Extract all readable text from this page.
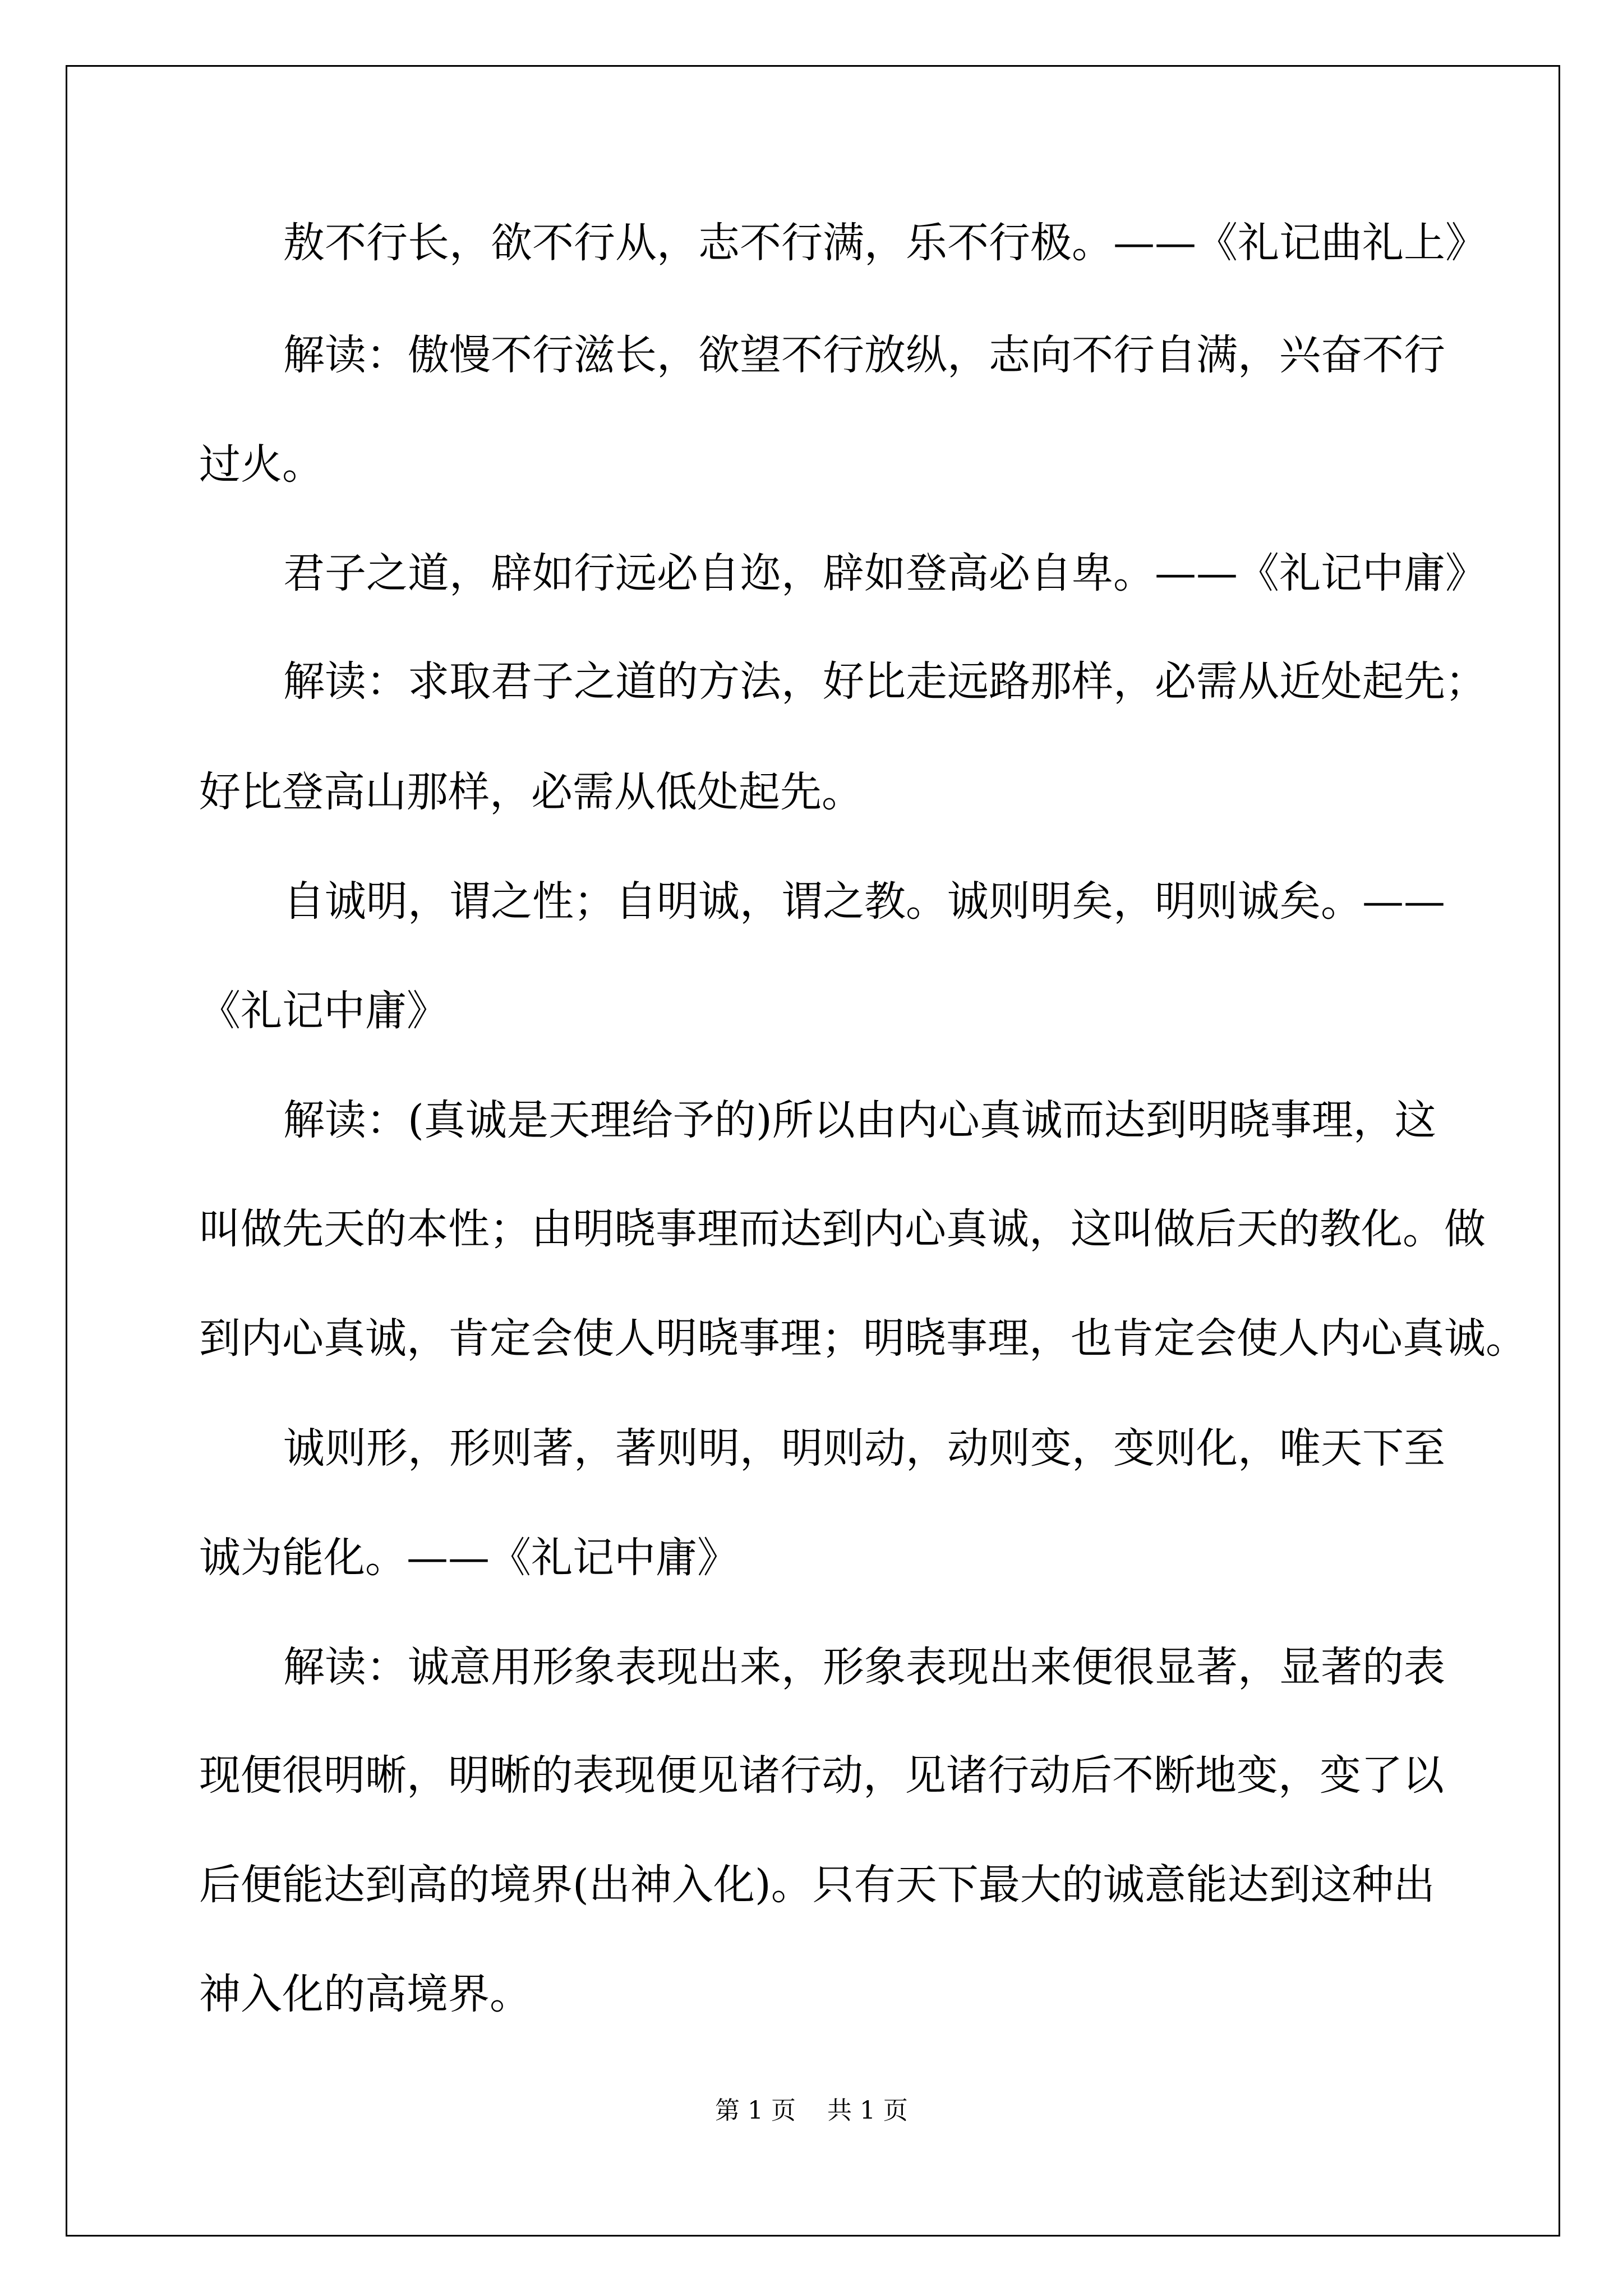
敖不行长，欲不行从，志不行满，乐不行极。——《礼记曲礼上》
解读：傲慢不行滋长，欲望不行放纵，志向不行自满，兴奋不行
过火。
君子之道，辟如行远必自迩，辟如登高必自卑。——《礼记中庸》
解读：求取君子之道的方法，好比走远路那样，必需从近处起先；
好比登高山那样，必需从低处起先。
自诚明，谓之性；自明诚，谓之教。诚则明矣，明则诚矣。——
《礼记中庸》
解读：(真诚是天理给予的)所以由内心真诚而达到明晓事理，这
叫做先天的本性；由明晓事理而达到内心真诚，这叫做后天的教化。做
到内心真诚，肯定会使人明晓事理；明晓事理，也肯定会使人内心真诚。
诚则形，形则著，著则明，明则动，动则变，变则化，唯天下至
诚为能化。——《礼记中庸》
解读：诚意用形象表现出来，形象表现出来便很显著，显著的表
现便很明晰，明晰的表现便见诸行动，见诸行动后不断地变，变了以
后便能达到高的境界(出神入化)。只有天下最大的诚意能达到这种出
神入化的高境界。
第 1 页    共 1 页
